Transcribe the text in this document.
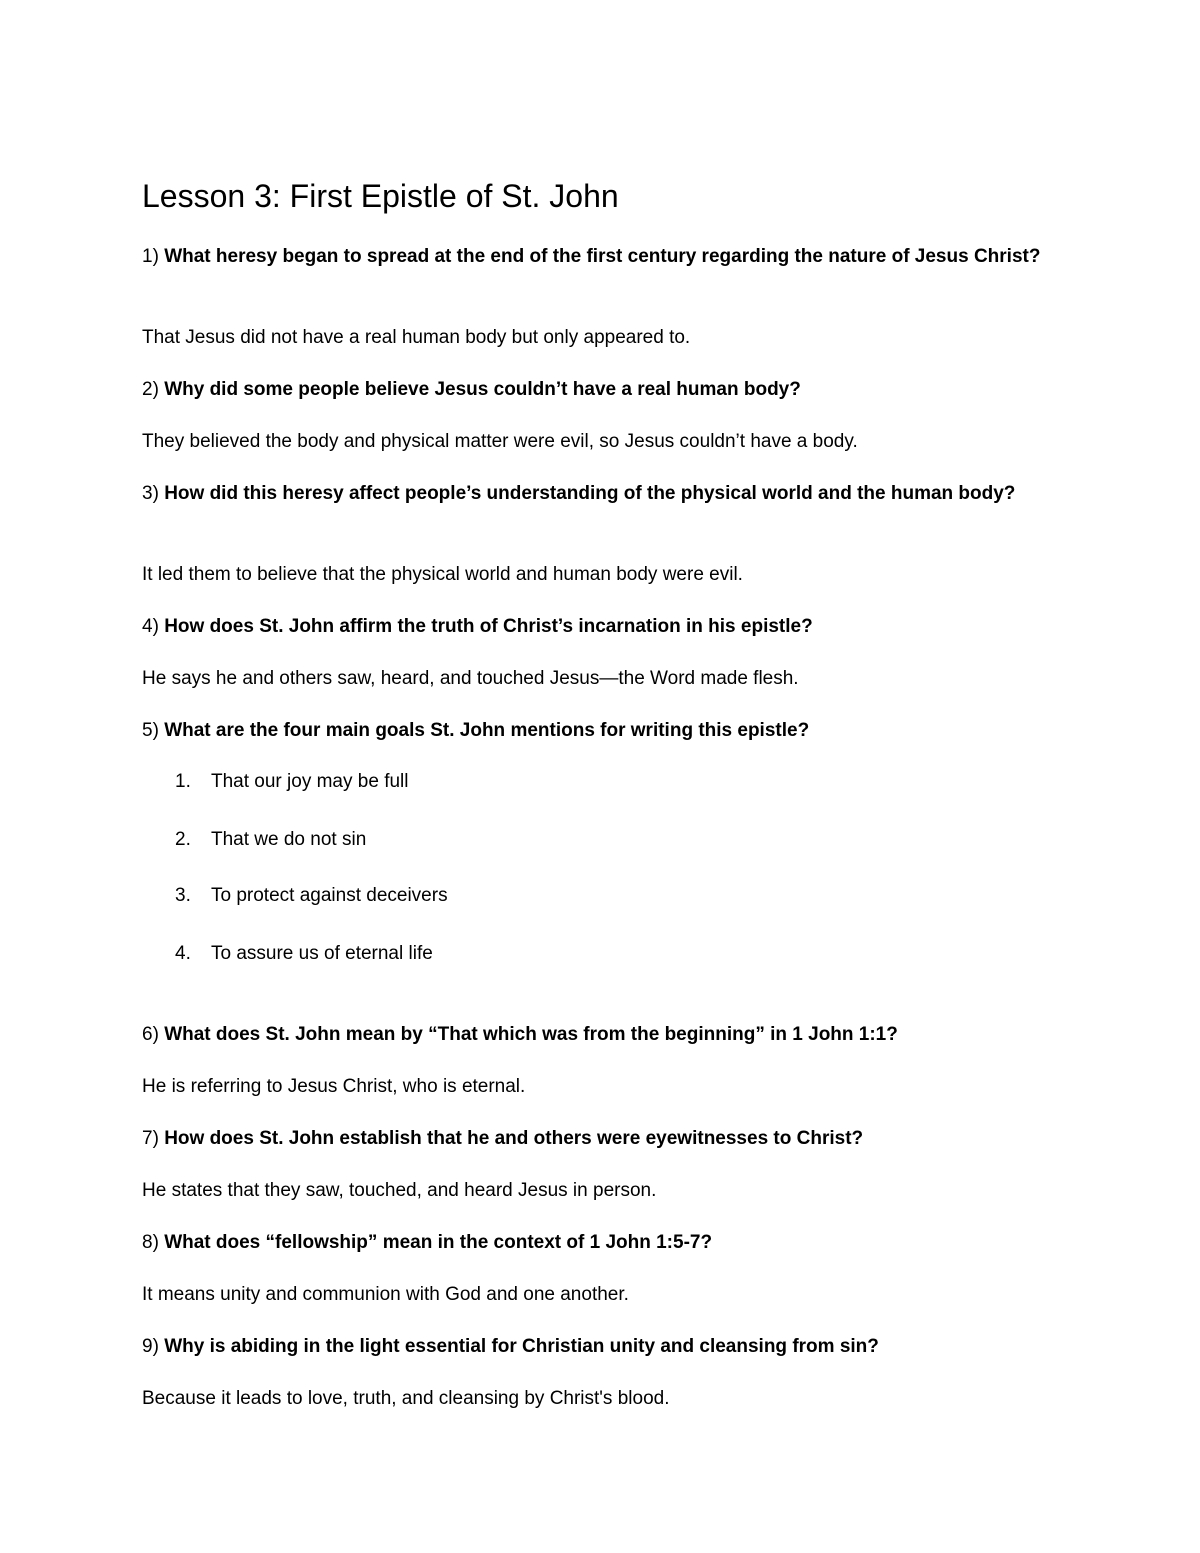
Lesson 3: First Epistle of St. John

1) What heresy began to spread at the end of the first century regarding the nature of Jesus Christ?

That Jesus did not have a real human body but only appeared to.

2) Why did some people believe Jesus couldn’t have a real human body?

They believed the body and physical matter were evil, so Jesus couldn’t have a body.

3) How did this heresy affect people’s understanding of the physical world and the human body?

It led them to believe that the physical world and human body were evil.

4) How does St. John affirm the truth of Christ’s incarnation in his epistle?

He says he and others saw, heard, and touched Jesus—the Word made flesh.

5) What are the four main goals St. John mentions for writing this epistle?

1. That our joy may be full
2. That we do not sin
3. To protect against deceivers
4. To assure us of eternal life

6) What does St. John mean by “That which was from the beginning” in 1 John 1:1?

He is referring to Jesus Christ, who is eternal.

7) How does St. John establish that he and others were eyewitnesses to Christ?

He states that they saw, touched, and heard Jesus in person.

8) What does “fellowship” mean in the context of 1 John 1:5-7?

It means unity and communion with God and one another.

9) Why is abiding in the light essential for Christian unity and cleansing from sin?

Because it leads to love, truth, and cleansing by Christ's blood.
